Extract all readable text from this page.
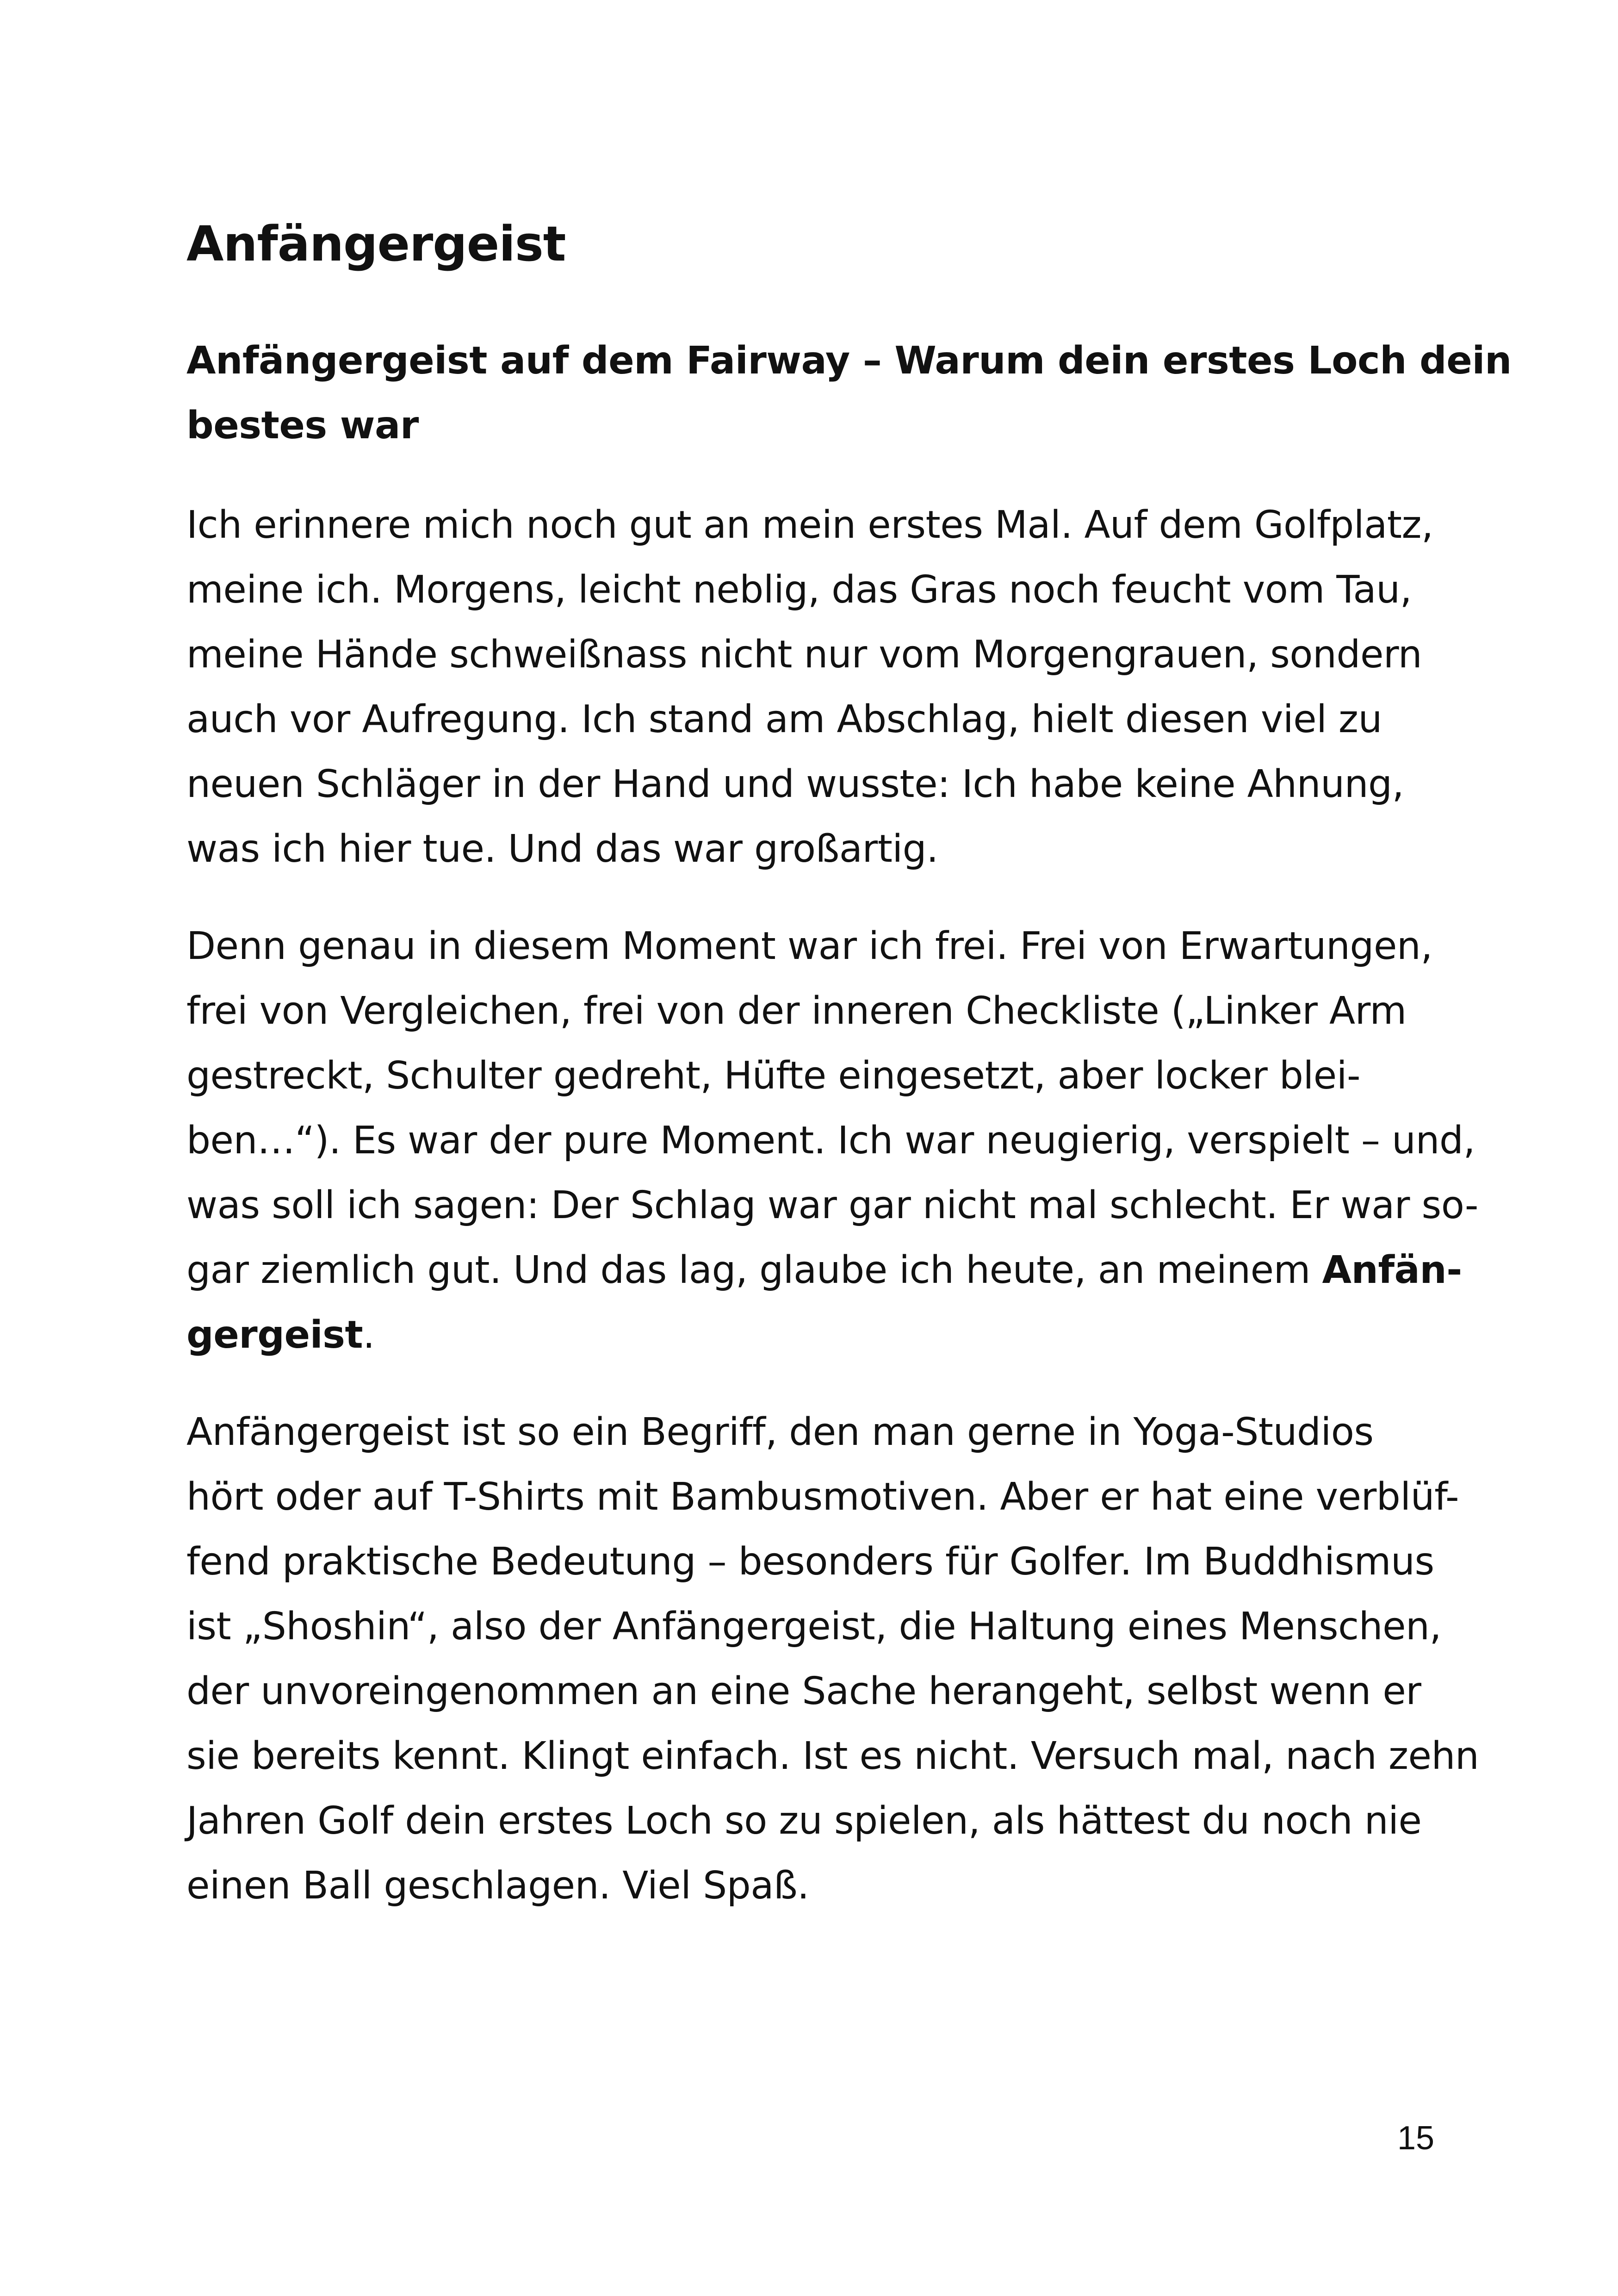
Anfängergeist
Anfängergeist auf dem Fairway – Warum dein erstes Loch dein
bestes war
Ich erinnere mich noch gut an mein erstes Mal. Auf dem Golfplatz,
meine ich. Morgens, leicht neblig, das Gras noch feucht vom Tau,
meine Hände schweißnass nicht nur vom Morgengrauen, sondern
auch vor Aufregung. Ich stand am Abschlag, hielt diesen viel zu
neuen Schläger in der Hand und wusste: Ich habe keine Ahnung,
was ich hier tue. Und das war großartig.
Denn genau in diesem Moment war ich frei. Frei von Erwartungen,
frei von Vergleichen, frei von der inneren Checkliste („Linker Arm
gestreckt, Schulter gedreht, Hüfte eingesetzt, aber locker blei-
ben…“). Es war der pure Moment. Ich war neugierig, verspielt – und,
was soll ich sagen: Der Schlag war gar nicht mal schlecht. Er war so-
gar ziemlich gut. Und das lag, glaube ich heute, an meinem Anfän-
gergeist.
Anfängergeist ist so ein Begriff, den man gerne in Yoga-Studios
hört oder auf T-Shirts mit Bambusmotiven. Aber er hat eine verblüf-
fend praktische Bedeutung – besonders für Golfer. Im Buddhismus
ist „Shoshin“, also der Anfängergeist, die Haltung eines Menschen,
der unvoreingenommen an eine Sache herangeht, selbst wenn er
sie bereits kennt. Klingt einfach. Ist es nicht. Versuch mal, nach zehn
Jahren Golf dein erstes Loch so zu spielen, als hättest du noch nie
einen Ball geschlagen. Viel Spaß.
15
